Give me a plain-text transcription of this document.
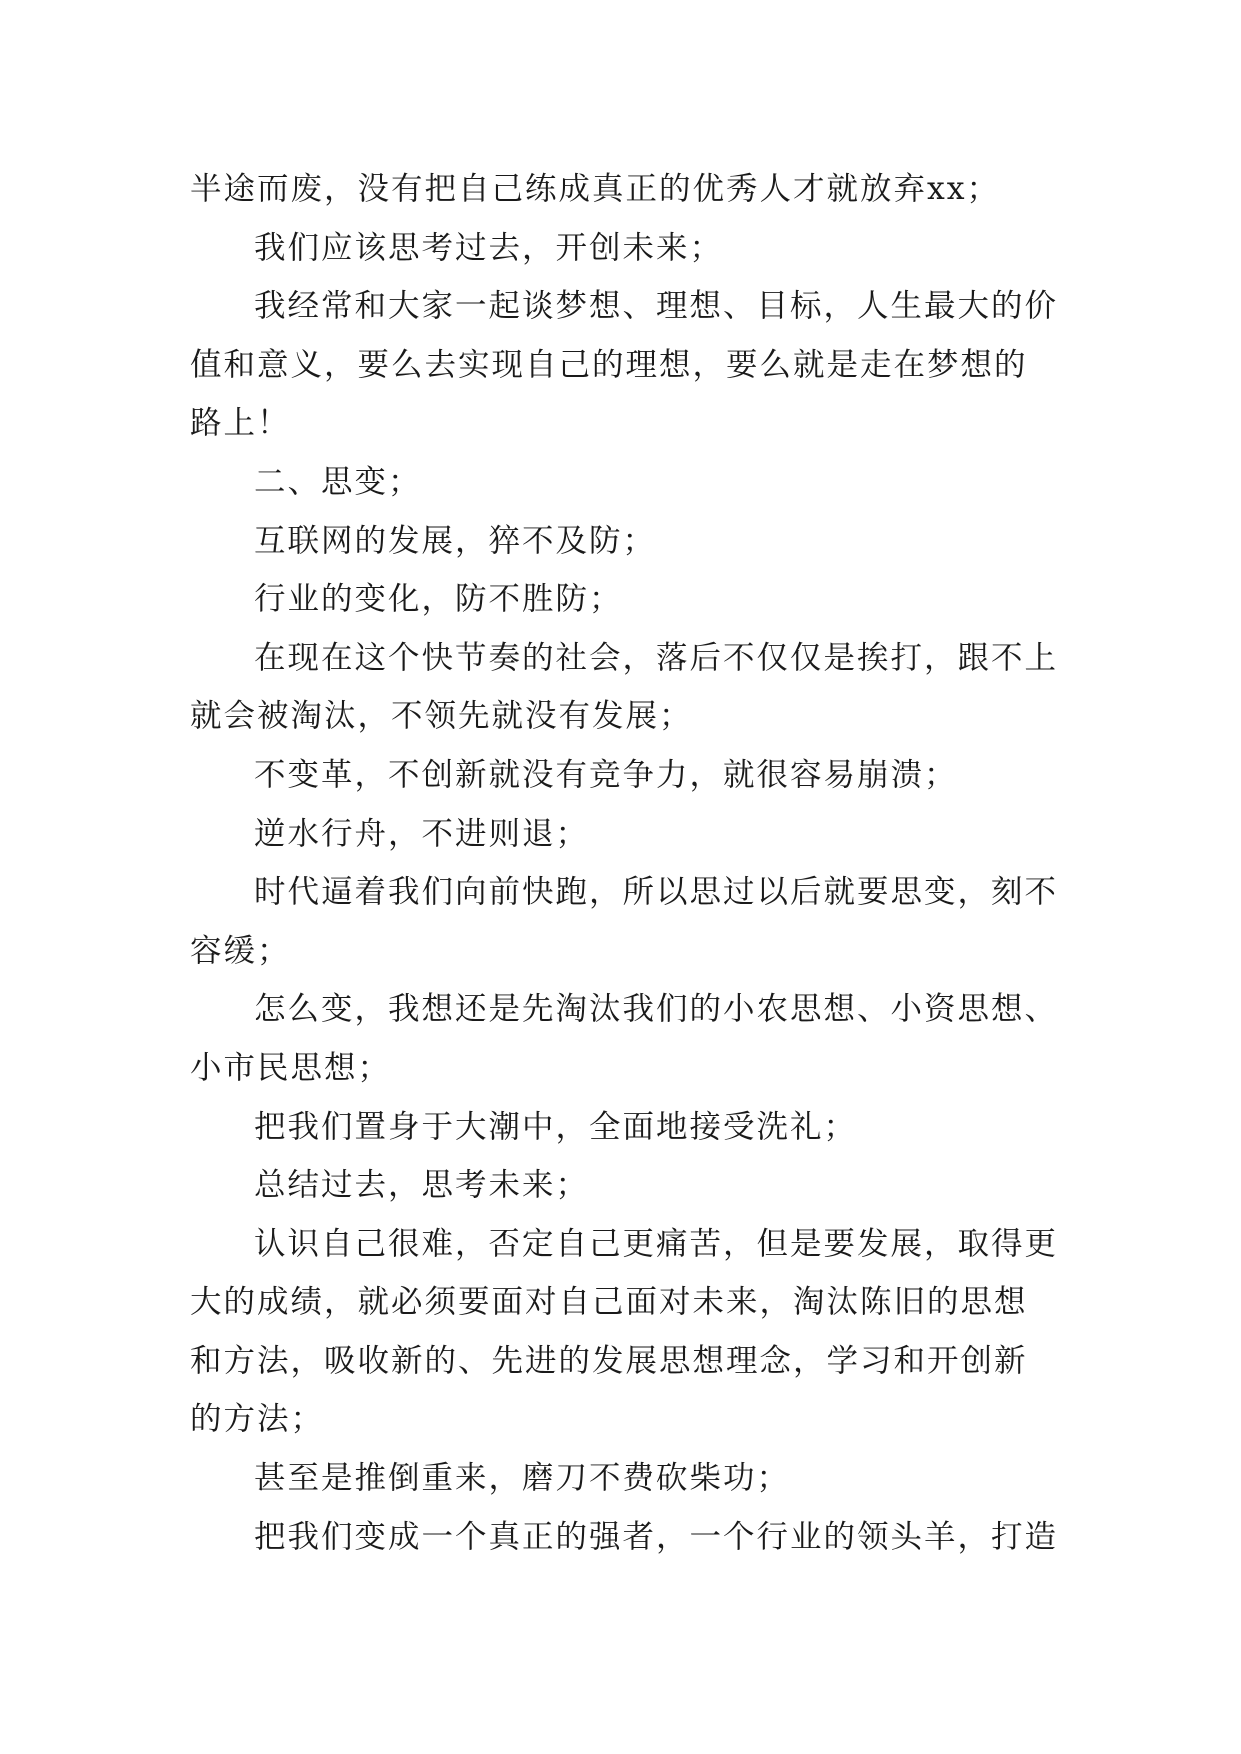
半途而废，没有把自己练成真正的优秀人才就放弃xx；

我们应该思考过去，开创未来；

我经常和大家一起谈梦想、理想、目标，人生最大的价值和意义，要么去实现自己的理想，要么就是走在梦想的路上！

二、思变；

互联网的发展，猝不及防；

行业的变化，防不胜防；

在现在这个快节奏的社会，落后不仅仅是挨打，跟不上就会被淘汰，不领先就没有发展；

不变革，不创新就没有竞争力，就很容易崩溃；

逆水行舟，不进则退；

时代逼着我们向前快跑，所以思过以后就要思变，刻不容缓；

怎么变，我想还是先淘汰我们的小农思想、小资思想、小市民思想；

把我们置身于大潮中，全面地接受洗礼；

总结过去，思考未来；

认识自己很难，否定自己更痛苦，但是要发展，取得更大的成绩，就必须要面对自己面对未来，淘汰陈旧的思想和方法，吸收新的、先进的发展思想理念，学习和开创新的方法；

甚至是推倒重来，磨刀不费砍柴功；

把我们变成一个真正的强者，一个行业的领头羊，打造
